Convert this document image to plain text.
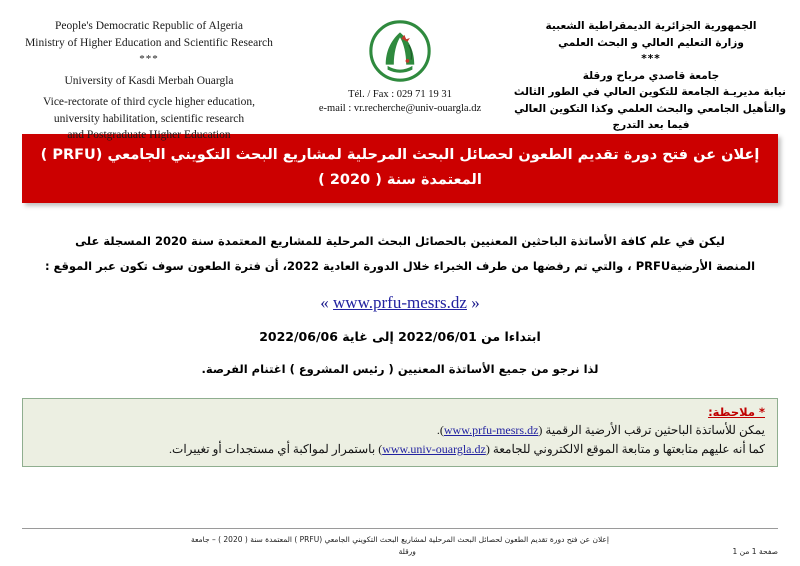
People's Democratic Republic of Algeria
Ministry of Higher Education and Scientific Research
***
University of Kasdi Merbah Ouargla
Vice-rectorate of third cycle higher education,
university habilitation, scientific research
and Postgraduate Higher Education
Tél. / Fax : 029 71 19 31
e-mail : vr.recherche@univ-ouargla.dz
الجمهورية الجزائرية الديمقراطية الشعبية
وزارة التعليم العالي و البحث العلمي
***
جامعة قاصدي مرباح ورقلة
نيابة مديريـة الجامعة للتكوين العالي في الطور الثالث
والتأهيل الجامعي والبحث العلمي وكذا التكوين العالي
فيما بعد التدرج
إعلان عن فتح دورة تقديم الطعون لحصائل البحث المرحلية لمشاريع البحث التكويني الجامعي (PRFU )
المعتمدة سنة ( 2020 )
ليكن في علم كافة الأساتذة الباحثين المعنيين بالحصائل البحث المرحلية للمشاريع المعتمدة سنة 2020 المسجلة على
المنصة الأرضيةPRFU ، والتي تم رفضها من طرف الخبراء خلال الدورة العادية 2022، أن فترة الطعون سوف تكون عبر الموقع :
« www.prfu-mesrs.dz »
ابتداءا من 2022/06/01 إلى غاية 2022/06/06
لذا نرجو من جميع الأساتذة المعنيين ( رئيس المشروع ) اغتنام الفرصة.
* ملاحظة:
يمكن للأساتذة الباحثين ترقب الأرضية الرقمية (www.prfu-mesrs.dz).
كما أنه عليهم متابعتها و متابعة الموقع الالكتروني للجامعة (www.univ-ouargla.dz) باستمرار لمواكبة أي مستجدات أو تغييرات.
إعلان عن فتح دورة تقديم الطعون لحصائل البحث المرحلية لمشاريع البحث التكويني الجامعي (PRFU ) المعتمدة سنة ( 2020 ) – جامعة
ورقلة	صفحة 1 من 1
